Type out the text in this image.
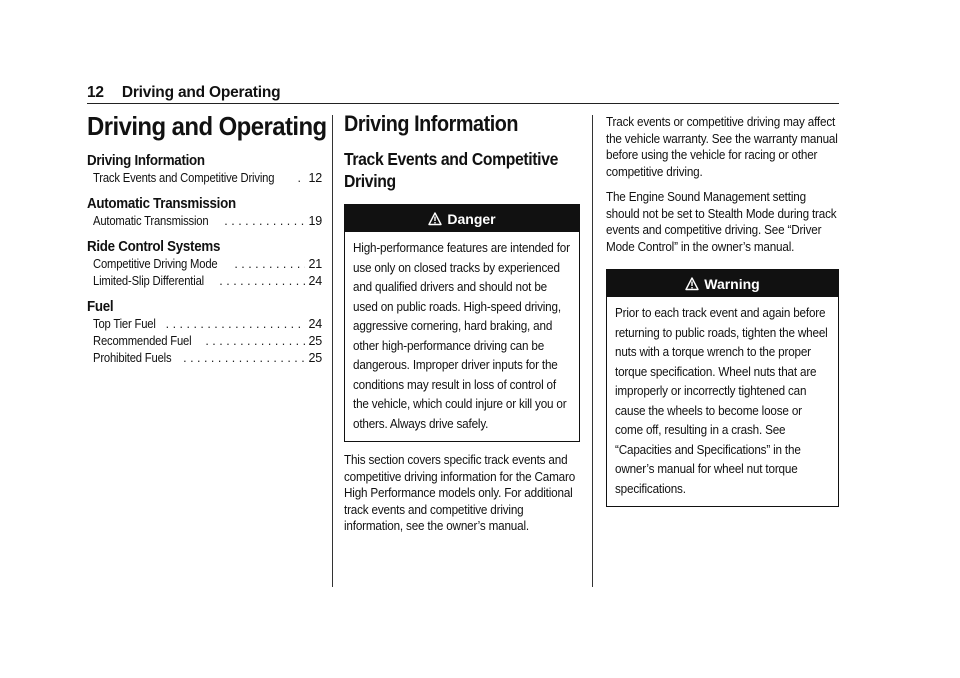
12 Driving and Operating
Driving and Operating
Driving Information
Track Events and Competitive Driving . . .	12
Automatic Transmission
Automatic Transmission . . .	19
Ride Control Systems
Competitive Driving Mode . . .	21
Limited-Slip Differential . . .	24
Fuel
Top Tier Fuel . . .	24
Recommended Fuel . . .	25
Prohibited Fuels . . .	25
Driving Information
Track Events and Competitive Driving
Danger
High-performance features are intended for use only on closed tracks by experienced and qualified drivers and should not be used on public roads. High-speed driving, aggressive cornering, hard braking, and other high-performance driving can be dangerous. Improper driver inputs for the conditions may result in loss of control of the vehicle, which could injure or kill you or others. Always drive safely.
This section covers specific track events and competitive driving information for the Camaro High Performance models only. For additional track events and competitive driving information, see the owner’s manual.
Track events or competitive driving may affect the vehicle warranty. See the warranty manual before using the vehicle for racing or other competitive driving.
The Engine Sound Management setting should not be set to Stealth Mode during track events and competitive driving. See “Driver Mode Control” in the owner’s manual.
Warning
Prior to each track event and again before returning to public roads, tighten the wheel nuts with a torque wrench to the proper torque specification. Wheel nuts that are improperly or incorrectly tightened can cause the wheels to become loose or come off, resulting in a crash. See “Capacities and Specifications” in the owner’s manual for wheel nut torque specifications.
